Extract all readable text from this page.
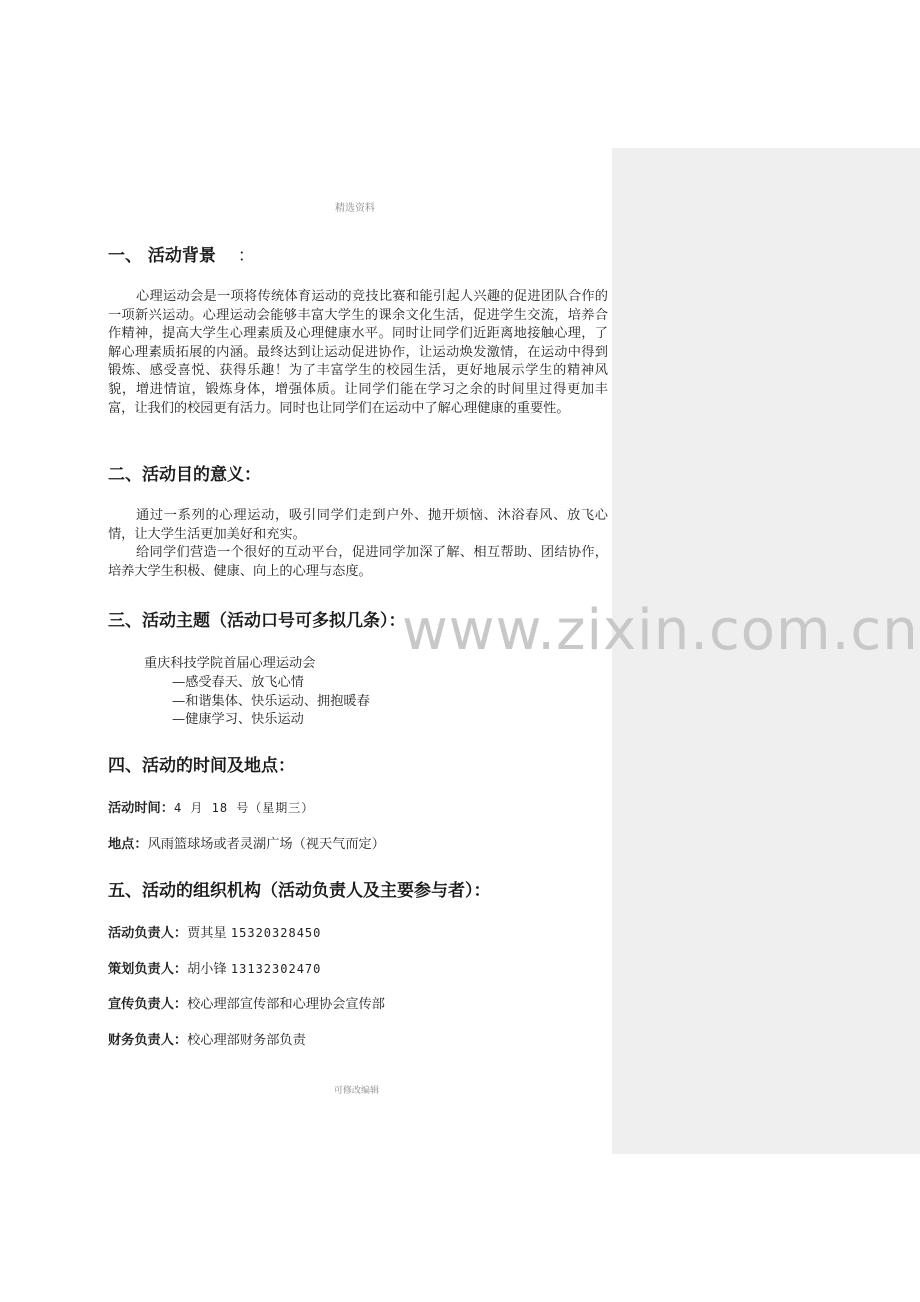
精选资料
一、 活动背景 ：
心理运动会是一项将传统体育运动的竞技比赛和能引起人兴趣的促进团队合作的一项新兴运动。心理运动会能够丰富大学生的课余文化生活，促进学生交流，培养合作精神，提高大学生心理素质及心理健康水平。同时让同学们近距离地接触心理，了解心理素质拓展的内涵。最终达到让运动促进协作，让运动焕发激情，在运动中得到锻炼、感受喜悦、获得乐趣！为了丰富学生的校园生活，更好地展示学生的精神风貌，增进情谊，锻炼身体，增强体质。让同学们能在学习之余的时间里过得更加丰富，让我们的校园更有活力。同时也让同学们在运动中了解心理健康的重要性。
二、活动目的意义：
通过一系列的心理运动，吸引同学们走到户外、抛开烦恼、沐浴春风、放飞心情，让大学生活更加美好和充实。
给同学们营造一个很好的互动平台，促进同学加深了解、相互帮助、团结协作，培养大学生积极、健康、向上的心理与态度。
三、活动主题（活动口号可多拟几条）：
重庆科技学院首届心理运动会
—感受春天、放飞心情
—和谐集体、快乐运动、拥抱暖春
—健康学习、快乐运动
四、活动的时间及地点：
活动时间：4 月 18 号（星期三）
地点：风雨篮球场或者灵湖广场（视天气而定）
五、活动的组织机构（活动负责人及主要参与者）：
活动负责人：贾其星 15320328450
策划负责人：胡小锋 13132302470
宣传负责人：校心理部宣传部和心理协会宣传部
财务负责人：校心理部财务部负责
可修改编辑
www.zixin.com.cn
